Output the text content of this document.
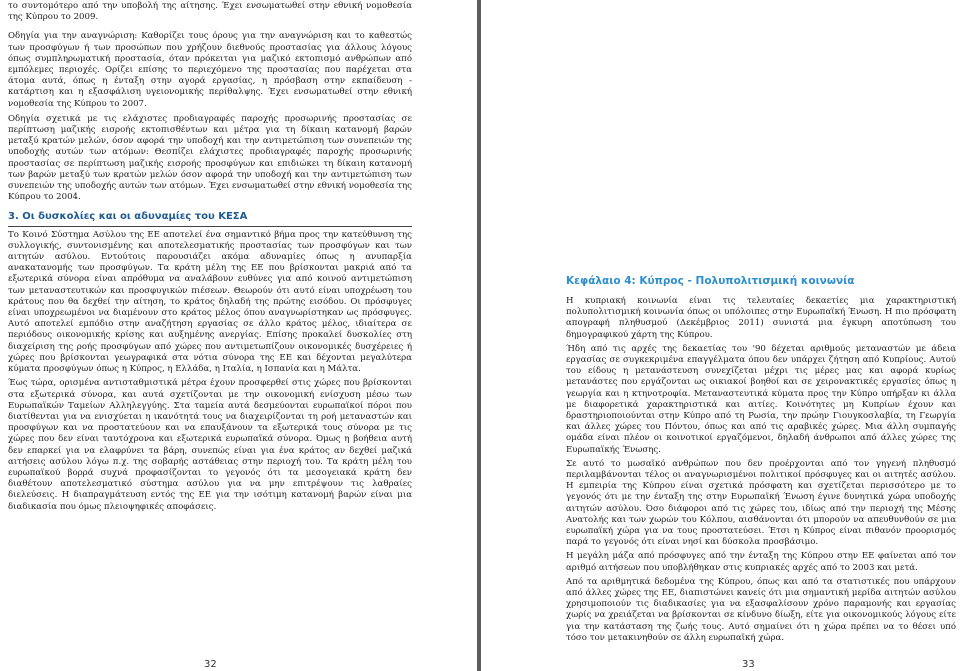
το συντομότερο από την υποβολή της αίτησης. Έχει ενσωματωθεί στην εθνική νομοθεσία της Κύπρου το 2009.

Οδηγία για την αναγνώριση: Καθορίζει τους όρους για την αναγνώριση και το καθεστώς των προσφύγων ή των προσώπων που χρήζουν διεθνούς προστασίας για άλλους λόγους όπως συμπληρωματική προστασία, όταν πρόκειται για μαζικό εκτοπισμό ανθρώπων από εμπόλεμες περιοχές. Ορίζει επίσης το περιεχόμενο της προστασίας που παρέχεται στα άτομα αυτά, όπως η ένταξη στην αγορά εργασίας, η πρόσβαση στην εκπαίδευση - κατάρτιση και η εξασφάλιση υγειονομικής περίθαλψης. Έχει ενσωματωθεί στην εθνική νομοθεσία της Κύπρου το 2007.

Οδηγία σχετικά με τις ελάχιστες προδιαγραφές παροχής προσωρινής προστασίας σε περίπτωση μαζικής εισροής εκτοπισθέντων και μέτρα για τη δίκαιη κατανομή βαρών μεταξύ κρατών μελών, όσον αφορά την υποδοχή και την αντιμετώπιση των συνεπειών της υποδοχής αυτών των ατόμων: Θεσπίζει ελάχιστες προδιαγραφές παροχής προσωρινής προστασίας σε περίπτωση μαζικής εισροής προσφύγων και επιδιώκει τη δίκαιη κατανομή των βαρών μεταξύ των κρατών μελών όσον αφορά την υποδοχή και την αντιμετώπιση των συνεπειών της υποδοχής αυτών των ατόμων. Έχει ενσωματωθεί στην εθνική νομοθεσία της Κύπρου το 2004.

3. Οι δυσκολίες και οι αδυναμίες του ΚΕΣΑ

Το Κοινό Σύστημα Ασύλου της ΕΕ αποτελεί ένα σημαντικό βήμα προς την κατεύθυνση της συλλογικής, συντονισμένης και αποτελεσματικής προστασίας των προσφύγων και των αιτητών ασύλου. Εντούτοις παρουσιάζει ακόμα αδυναμίες όπως η ανυπαρξία ανακατανομής των προσφύγων. Τα κράτη μέλη της ΕΕ που βρίσκονται μακριά από τα εξωτερικά σύνορα είναι απρόθυμα να αναλάβουν ευθύνες για από κοινού αντιμετώπιση των μεταναστευτικών και προσφυγικών πιέσεων. Θεωρούν ότι αυτό είναι υποχρέωση του κράτους που θα δεχθεί την αίτηση, το κράτος δηλαδή της πρώτης εισόδου. Οι πρόσφυγες είναι υποχρεωμένοι να διαμένουν στο κράτος μέλος όπου αναγνωρίστηκαν ως πρόσφυγες. Αυτό αποτελεί εμπόδιο στην αναζήτηση εργασίας σε άλλο κράτος μέλος, ιδιαίτερα σε περιόδους οικονομικής κρίσης και αυξημένης ανεργίας. Επίσης προκαλεί δυσκολίες στη διαχείριση της ροής προσφύγων από χώρες που αντιμετωπίζουν οικονομικές δυσχέρειες ή χώρες που βρίσκονται γεωγραφικά στα νότια σύνορα της ΕΕ και δέχονται μεγαλύτερα κύματα προσφύγων όπως η Κύπρος, η Ελλάδα, η Ιταλία, η Ισπανία και η Μάλτα.

Έως τώρα, ορισμένα αντισταθμιστικά μέτρα έχουν προσφερθεί στις χώρες που βρίσκονται στα εξωτερικά σύνορα, και αυτά σχετίζονται με την οικονομική ενίσχυση μέσω των Ευρωπαϊκών Ταμείων Αλληλεγγύης. Στα ταμεία αυτά δεσμεύονται ευρωπαϊκοί πόροι που διατίθενται για να ενισχύεται η ικανότητά τους να διαχειρίζονται τη ροή μεταναστών και προσφύγων και να προστατεύουν και να επαυξάνουν τα εξωτερικά τους σύνορα με τις χώρες που δεν είναι ταυτόχρονα και εξωτερικά ευρωπαϊκά σύνορα. Όμως η βοήθεια αυτή δεν επαρκεί για να ελαφρύνει τα βάρη, συνεπώς είναι για ένα κράτος αν δεχθεί μαζικά αιτήσεις ασύλου λόγω π.χ. της σοβαρής αστάθειας στην περιοχή του. Τα κράτη μέλη του ευρωπαϊκού βορρά συχνά προφασίζονται το γεγονός ότι τα μεσογειακά κράτη δεν διαθέτουν αποτελεσματικό σύστημα ασύλου για να μην επιτρέψουν τις λαθραίες διελεύσεις. Η διαπραγμάτευση εντός της ΕΕ για την ισότιμη κατανομή βαρών είναι μια διαδικασία που όμως πλειοψηφικές αποφάσεις.

32
Κεφάλαιο 4: Κύπρος - Πολυπολιτισμική κοινωνία

Η κυπριακή κοινωνία είναι τις τελευταίες δεκαετίες μια χαρακτηριστική πολυπολιτισμική κοινωνία όπως οι υπόλοιπες στην Ευρωπαϊκή Ένωση. Η πιο πρόσφατη απογραφή πληθυσμού (Δεκέμβριος 2011) συνιστά μια έγκυρη αποτύπωση του δημογραφικού χάρτη της Κύπρου.

Ήδη από τις αρχές της δεκαετίας του '90 δέχεται αριθμούς μεταναστών με άδεια εργασίας σε συγκεκριμένα επαγγέλματα όπου δεν υπάρχει ζήτηση από Κυπρίους. Αυτού του είδους η μετανάστευση συνεχίζεται μέχρι τις μέρες μας και αφορά κυρίως μετανάστες που εργάζονται ως οικιακοί βοηθοί και σε χειρονακτικές εργασίες όπως η γεωργία και η κτηνοτροφία. Μεταναστευτικά κύματα προς την Κύπρο υπήρξαν κι άλλα με διαφορετικά χαρακτηριστικά και αιτίες. Κοινότητες μη Κυπρίων έχουν και δραστηριοποιούνται στην Κύπρο από τη Ρωσία, την πρώην Γιουγκοσλαβία, τη Γεωργία και άλλες χώρες του Πόντου, όπως και από τις αραβικές χώρες. Μια άλλη συμπαγής ομάδα είναι πλέον οι κοινοτικοί εργαζόμενοι, δηλαδή άνθρωποι από άλλες χώρες της Ευρωπαϊκής Ένωσης.

Σε αυτό το μωσαϊκό ανθρώπων που δεν προέρχονται από τον γηγενή πληθυσμό περιλαμβάνονται τέλος οι αναγνωρισμένοι πολιτικοί πρόσφυγες και οι αιτητές ασύλου. Η εμπειρία της Κύπρου είναι σχετικά πρόσφατη και σχετίζεται περισσότερο με το γεγονός ότι με την ένταξη της στην Ευρωπαϊκή Ένωση έγινε δυνητικά χώρα υποδοχής αιτητών ασύλου. Όσο διάφοροι από τις χώρες του, ιδίως από την περιοχή της Μέσης Ανατολής και των χωρών του Κόλπου, αισθάνονται ότι μπορούν να απευθυνθούν σε μια ευρωπαϊκή χώρα για να τους προστατεύσει. Έτσι η Κύπρος είναι πιθανόν προορισμός παρά το γεγονός ότι είναι νησί και δύσκολα προσβάσιμο.

Η μεγάλη μάζα από πρόσφυγες από την ένταξη της Κύπρου στην ΕΕ φαίνεται από τον αριθμό αιτήσεων που υποβλήθηκαν στις κυπριακές αρχές από το 2003 και μετά.

Από τα αριθμητικά δεδομένα της Κύπρου, όπως και από τα στατιστικές που υπάρχουν από άλλες χώρες της ΕΕ, διαπιστώνει κανείς ότι μια σημαντική μερίδα αιτητών ασύλου χρησιμοποιούν τις διαδικασίες για να εξασφαλίσουν χρόνο παραμονής και εργασίας χωρίς να χρειάζεται να βρίσκονται σε κίνδυνο δίωξη, είτε για οικονομικούς λόγους είτε για την κατάσταση της ζωής τους. Αυτό σημαίνει ότι η χώρα πρέπει να το θέσει υπό τόσο τον μετακινηθούν σε άλλη ευρωπαϊκή χώρα.

33
